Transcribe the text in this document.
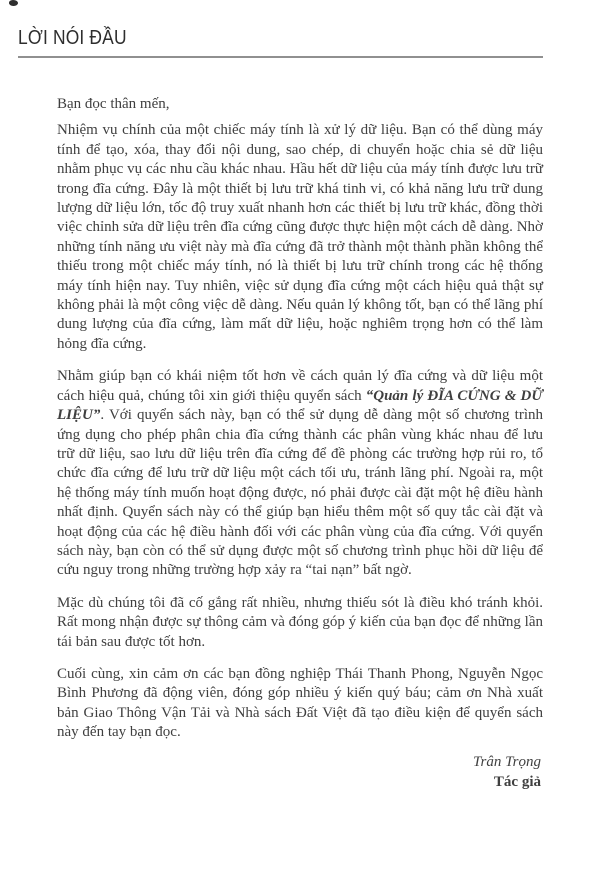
LỜI NÓI ĐẦU

Bạn đọc thân mến,

Nhiệm vụ chính của một chiếc máy tính là xử lý dữ liệu. Bạn có thể dùng máy tính để tạo, xóa, thay đổi nội dung, sao chép, di chuyển hoặc chia sẻ dữ liệu nhằm phục vụ các nhu cầu khác nhau. Hầu hết dữ liệu của máy tính được lưu trữ trong đĩa cứng. Đây là một thiết bị lưu trữ khá tinh vi, có khả năng lưu trữ dung lượng dữ liệu lớn, tốc độ truy xuất nhanh hơn các thiết bị lưu trữ khác, đồng thời việc chỉnh sửa dữ liệu trên đĩa cứng cũng được thực hiện một cách dễ dàng. Nhờ những tính năng ưu việt này mà đĩa cứng đã trở thành một thành phần không thể thiếu trong một chiếc máy tính, nó là thiết bị lưu trữ chính trong các hệ thống máy tính hiện nay. Tuy nhiên, việc sử dụng đĩa cứng một cách hiệu quả thật sự không phải là một công việc dễ dàng. Nếu quản lý không tốt, bạn có thể lãng phí dung lượng của đĩa cứng, làm mất dữ liệu, hoặc nghiêm trọng hơn có thể làm hỏng đĩa cứng.

Nhằm giúp bạn có khái niệm tốt hơn về cách quản lý đĩa cứng và dữ liệu một cách hiệu quả, chúng tôi xin giới thiệu quyển sách “Quản lý ĐĨA CỨNG & DỮ LIỆU”. Với quyển sách này, bạn có thể sử dụng dễ dàng một số chương trình ứng dụng cho phép phân chia đĩa cứng thành các phân vùng khác nhau để lưu trữ dữ liệu, sao lưu dữ liệu trên đĩa cứng để đề phòng các trường hợp rủi ro, tổ chức đĩa cứng để lưu trữ dữ liệu một cách tối ưu, tránh lãng phí. Ngoài ra, một hệ thống máy tính muốn hoạt động được, nó phải được cài đặt một hệ điều hành nhất định. Quyển sách này có thể giúp bạn hiểu thêm một số quy tắc cài đặt và hoạt động của các hệ điều hành đối với các phân vùng của đĩa cứng. Với quyển sách này, bạn còn có thể sử dụng được một số chương trình phục hồi dữ liệu để cứu nguy trong những trường hợp xảy ra “tai nạn” bất ngờ.

Mặc dù chúng tôi đã cố gắng rất nhiều, nhưng thiếu sót là điều khó tránh khỏi. Rất mong nhận được sự thông cảm và đóng góp ý kiến của bạn đọc để những lần tái bản sau được tốt hơn.

Cuối cùng, xin cảm ơn các bạn đồng nghiệp Thái Thanh Phong, Nguyễn Ngọc Bình Phương đã động viên, đóng góp nhiều ý kiến quý báu; cảm ơn Nhà xuất bản Giao Thông Vận Tải và Nhà sách Đất Việt đã tạo điều kiện để quyển sách này đến tay bạn đọc.

Trân Trọng

Tác giả
